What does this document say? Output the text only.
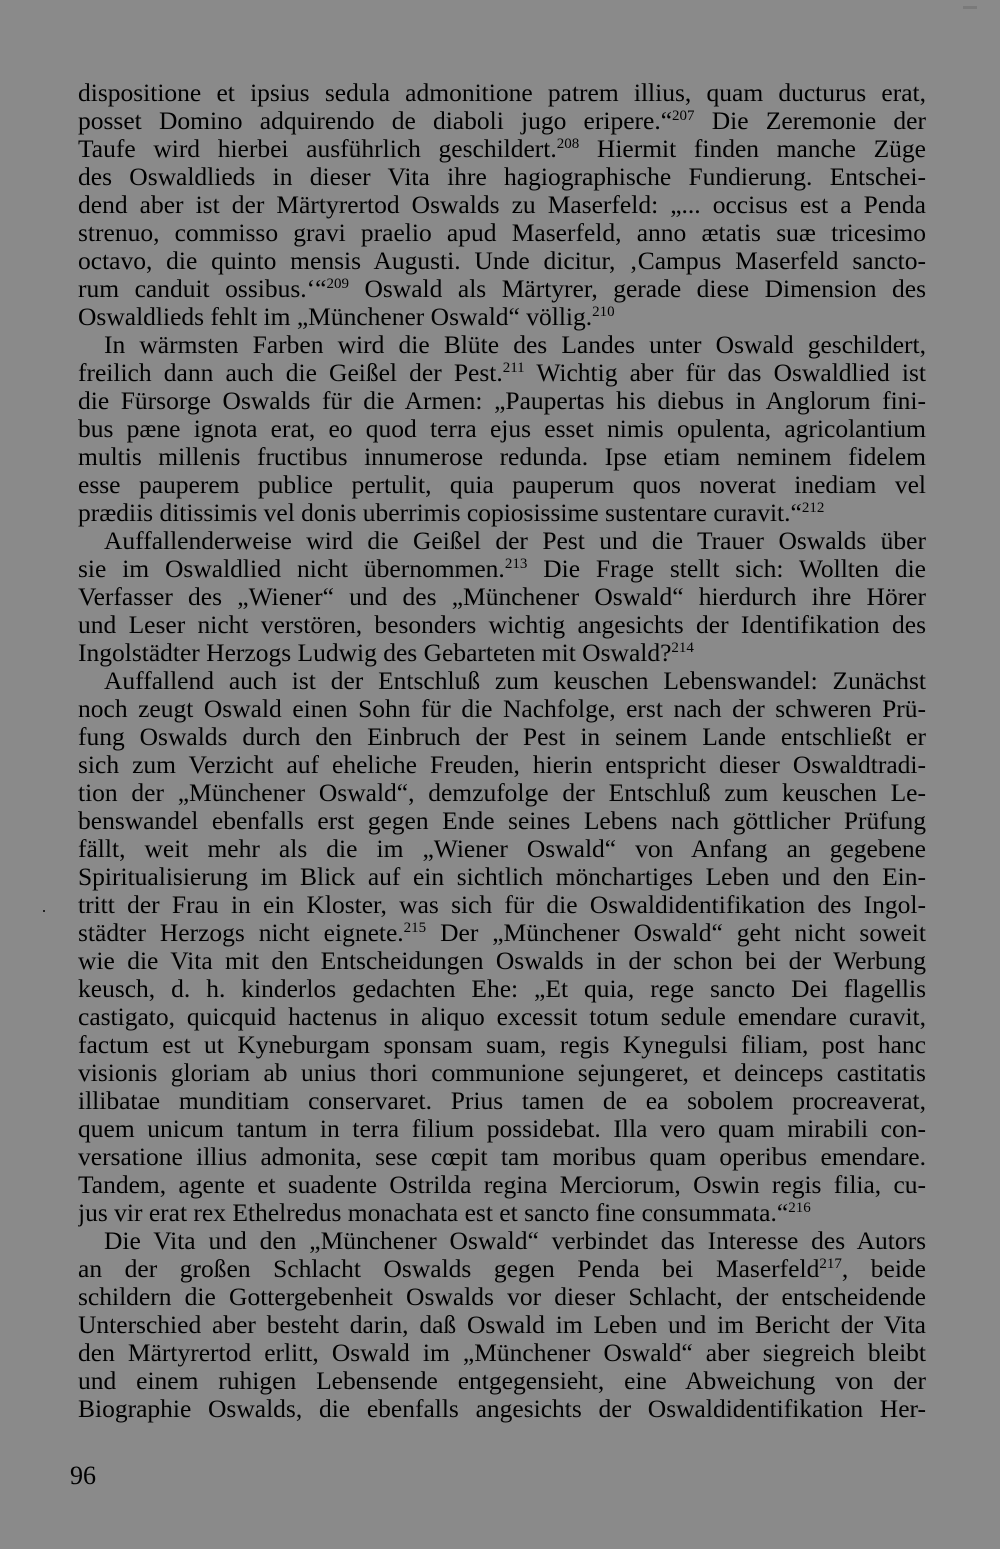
dispositione et ipsius sedula admonitione patrem illius, quam ducturus erat,
posset Domino adquirendo de diaboli jugo eripere.“$^{207}$ Die Zeremonie der
Taufe wird hierbei ausführlich geschildert.$^{208}$ Hiermit finden manche Züge
des Oswaldlieds in dieser Vita ihre hagiographische Fundierung. Entschei-
dend aber ist der Märtyrertod Oswalds zu Maserfeld: „... occisus est a Penda
strenuo, commisso gravi praelio apud Maserfeld, anno ætatis suæ tricesimo
octavo, die quinto mensis Augusti. Unde dicitur, ‚Campus Maserfeld sancto-
rum canduit ossibus.‘“$^{209}$ Oswald als Märtyrer, gerade diese Dimension des
Oswaldlieds fehlt im „Münchener Oswald“ völlig.$^{210}$
In wärmsten Farben wird die Blüte des Landes unter Oswald geschildert,
freilich dann auch die Geißel der Pest.$^{211}$ Wichtig aber für das Oswaldlied ist
die Fürsorge Oswalds für die Armen: „Paupertas his diebus in Anglorum fini-
bus pæne ignota erat, eo quod terra ejus esset nimis opulenta, agricolantium
multis millenis fructibus innumerose redunda. Ipse etiam neminem fidelem
esse pauperem publice pertulit, quia pauperum quos noverat inediam vel
prædiis ditissimis vel donis uberrimis copiosissime sustentare curavit.“$^{212}$
Auffallenderweise wird die Geißel der Pest und die Trauer Oswalds über
sie im Oswaldlied nicht übernommen.$^{213}$ Die Frage stellt sich: Wollten die
Verfasser des „Wiener“ und des „Münchener Oswald“ hierdurch ihre Hörer
und Leser nicht verstören, besonders wichtig angesichts der Identifikation des
Ingolstädter Herzogs Ludwig des Gebarteten mit Oswald?$^{214}$
Auffallend auch ist der Entschluß zum keuschen Lebenswandel: Zunächst
noch zeugt Oswald einen Sohn für die Nachfolge, erst nach der schweren Prü-
fung Oswalds durch den Einbruch der Pest in seinem Lande entschließt er
sich zum Verzicht auf eheliche Freuden, hierin entspricht dieser Oswaldtradi-
tion der „Münchener Oswald“, demzufolge der Entschluß zum keuschen Le-
benswandel ebenfalls erst gegen Ende seines Lebens nach göttlicher Prüfung
fällt, weit mehr als die im „Wiener Oswald“ von Anfang an gegebene
Spiritualisierung im Blick auf ein sichtlich mönchartiges Leben und den Ein-
tritt der Frau in ein Kloster, was sich für die Oswaldidentifikation des Ingol-
städter Herzogs nicht eignete.$^{215}$ Der „Münchener Oswald“ geht nicht soweit
wie die Vita mit den Entscheidungen Oswalds in der schon bei der Werbung
keusch, d. h. kinderlos gedachten Ehe: „Et quia, rege sancto Dei flagellis
castigato, quicquid hactenus in aliquo excessit totum sedule emendare curavit,
factum est ut Kyneburgam sponsam suam, regis Kynegulsi filiam, post hanc
visionis gloriam ab unius thori communione sejungeret, et deinceps castitatis
illibatae munditiam conservaret. Prius tamen de ea sobolem procreaverat,
quem unicum tantum in terra filium possidebat. Illa vero quam mirabili con-
versatione illius admonita, sese cœpit tam moribus quam operibus emendare.
Tandem, agente et suadente Ostrilda regina Merciorum, Oswin regis filia, cu-
jus vir erat rex Ethelredus monachata est et sancto fine consummata.“$^{216}$
Die Vita und den „Münchener Oswald“ verbindet das Interesse des Autors
an der großen Schlacht Oswalds gegen Penda bei Maserfeld$^{217}$, beide
schildern die Gottergebenheit Oswalds vor dieser Schlacht, der entscheidende
Unterschied aber besteht darin, daß Oswald im Leben und im Bericht der Vita
den Märtyrertod erlitt, Oswald im „Münchener Oswald“ aber siegreich bleibt
und einem ruhigen Lebensende entgegensieht, eine Abweichung von der
Biographie Oswalds, die ebenfalls angesichts der Oswaldidentifikation Her-
96
